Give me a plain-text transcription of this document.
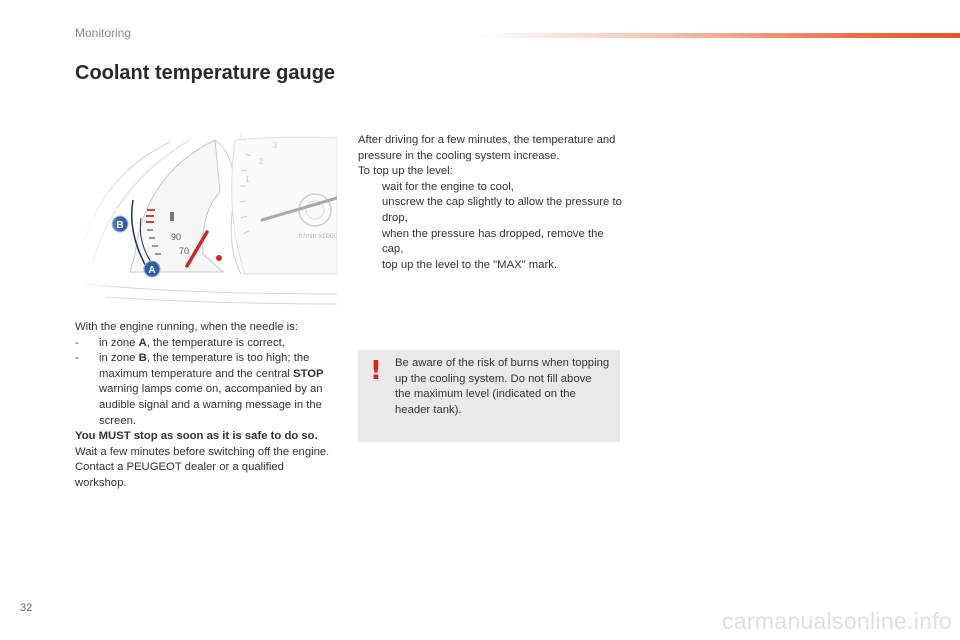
Monitoring
Coolant temperature gauge

With the engine running, when the needle is:

- in zone A, the temperature is correct,

- in zone B, the temperature is too high; the maximum temperature and the central STOP warning lamps come on, accompanied by an audible signal and a warning message in the screen.

You MUST stop as soon as it is safe to do so.

Wait a few minutes before switching off the engine.

Contact a PEUGEOT dealer or a qualified workshop.

After driving for a few minutes, the temperature and pressure in the cooling system increase.

To top up the level:

wait for the engine to cool,

unscrew the cap slightly to allow the pressure to drop,

when the pressure has dropped, remove the cap,

top up the level to the "MAX" mark.

! Be aware of the risk of burns when topping up the cooling system. Do not fill above the maximum level (indicated on the header tank).

32	carmanualsonline.info
